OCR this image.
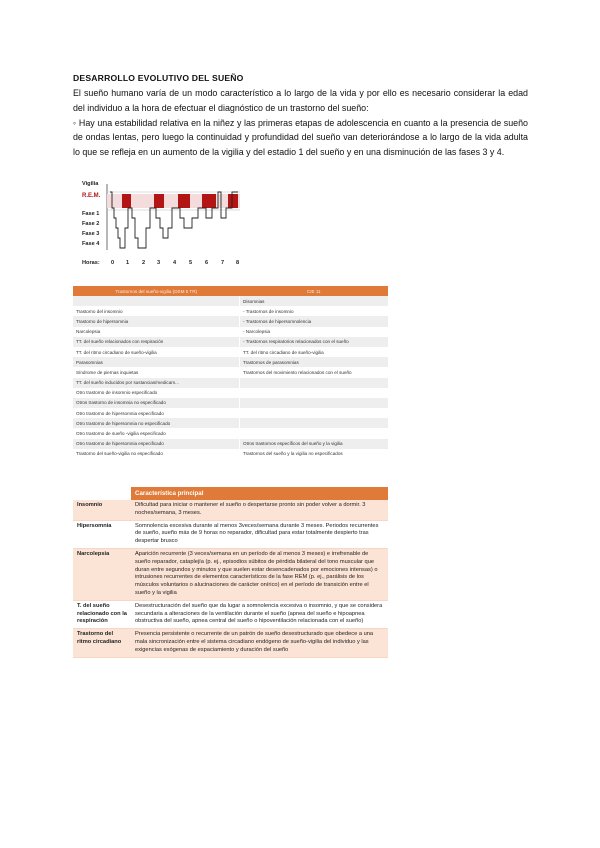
DESARROLLO EVOLUTIVO DEL SUEÑO

El sueño humano varía de un modo característico a lo largo de la vida y por ello es necesario considerar la edad del individuo a la hora de efectuar el diagnóstico de un trastorno del sueño:

◦ Hay una estabilidad relativa en la niñez y las primeras etapas de adolescencia en cuanto a la presencia de sueño de ondas lentas, pero luego la continuidad y profundidad del sueño van deteriorándose a lo largo de la vida adulta lo que se refleja en un aumento de la vigilia y del estadio 1 del sueño y en una disminución de las fases 3 y 4.

Vigilia
R.E.M.
Fase 1
Fase 2
Fase 3
Fase 4
Horas: 0 1 2 3 4 5 6 7 8
Trastornos del sueño-vigilia (DSM 5 TR)	CIE 11
	Disomnias
Trastorno del insomnio	- Trastornos de insomnio
Trastorno de hipersomnia	- Trastornos de hipersomnolencia
Narcolepsia	- Narcolepsia
TT. del sueño relacionados con respiración	- Trastornos respiratorios relacionados con el sueño
TT. del ritmo circadiano de sueño-vigilia	TT. del ritmo circadiano de sueño-vigilia
Parasomnias	Trastornos de parasomnias
Síndrome de piernas inquietas	Trastornos del movimiento relacionados con el sueño
TT. del sueño inducidos por sustancias/medicam...	
Otro trastorno de insomnio especificado	
Otros trastorno de insomnia no especificado	
Otro trastorno de hipersomnia especificado	
Otro trastorno de hipersomnia no especificado	
Otro trastorno de sueño -vigilia especificado	
Otro trastorno de hipersomnia especificado	Otros trastornos específicos del sueño y la vigilia
Trastorno del sueño-vigilia no especificado	Trastornos del sueño y la vigilia no especificados
	Característica principal
Insomnio	Dificultad para iniciar o mantener el sueño o despertarse pronto sin poder volver a dormir. 3 noches/semana, 3 meses.
Hipersomnia	Somnolencia excesiva durante al menos 3veces/semana durante 3 meses. Periodos recurrentes de sueño, sueño más de 9 horas no reparador, dificultad para estar totalmente despierto tras despertar brusco
Narcolepsia	Aparición recurrente (3 veces/semana en un período de al menos 3 meses) e irrefrenable de sueño reparador, cataplejía (p. ej., episodios súbitos de pérdida bilateral del tono muscular que duran entre segundos y minutos y que suelen estar desencadenados por emociones intensas) o intrusiones recurrentes de elementos característicos de la fase REM (p. ej., parálisis de los músculos voluntarios o alucinaciones de carácter onírico) en el período de transición entre el sueño y la vigilia
T. del sueño relacionado con la respiración	Desestructuración del sueño que da lugar a somnolencia excesiva o insomnio, y que se considera secundaria a alteraciones de la ventilación durante el sueño (apnea del sueño e hipoapnea obstructiva del sueño, apnea central del sueño o hipoventilación relacionada con el sueño)
Trastorno del ritmo circadiano	Presencia persistente o recurrente de un patrón de sueño desestructurado que obedece a una mala sincronización entre el sistema circadiano endógeno de sueño-vigilia del individuo y las exigencias exógenas de espaciamiento y duración del sueño
